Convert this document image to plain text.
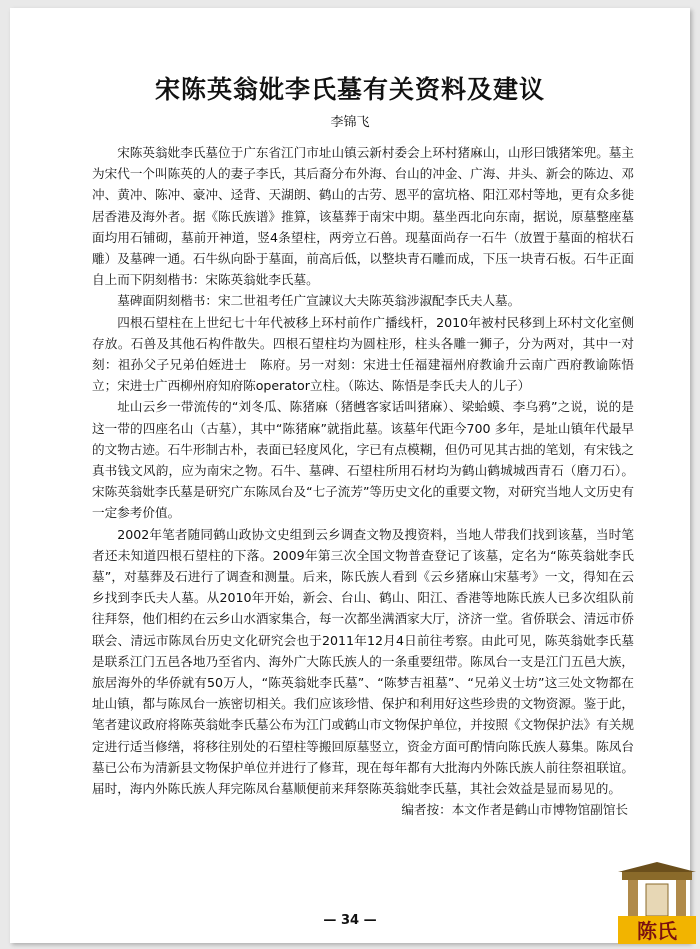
宋陈英翁妣李氏墓有关资料及建议
李锦飞

宋陈英翁妣李氏墓位于广东省江门市址山镇云新村委会上环村猪麻山，山形曰饿猪笨兜。墓主为宋代一个叫陈英的人的妻子李氏，其后裔分布外海、台山的冲金、广海、井头、新会的陈边、邓冲、黄冲、陈冲、豪冲、迳背、天湖朗、鹤山的古劳、恩平的富坑格、阳江邓村等地，更有众多徙居香港及海外者。据《陈氏族谱》推算，该墓葬于南宋中期。墓坐西北向东南，据说，原墓整座墓面均用石铺砌，墓前开神道，竖4条望柱，两旁立石兽。现墓面尚存一石牛（放置于墓面的棺状石雕）及墓碑一通。石牛纵向卧于墓面，前高后低，以整块青石雕而成，下压一块青石板。石牛正面自上而下阴刻楷书：宋陈英翁妣李氏墓。

墓碑面阴刻楷书：宋二世祖考任广宣諌议大夫陈英翁涉淑配李氏夫人墓。

四根石望柱在上世纪七十年代被移上环村前作广播线杆，2010年被村民移到上环村文化室侧存放。石兽及其他石构件散失。四根石望柱均为圆柱形，柱头各雕一狮子，分为两对，其中一对刻：祖孙父子兄弟伯姪进士　陈府。另一对刻：宋进士任福建福州府教谕升云南广西府教谕陈悟立；宋进士广西柳州府知府陈operator立柱。（陈达、陈悟是李氏夫人的儿子）

址山云乡一带流传的“刘冬瓜、陈猪麻（猪乸客家话叫猪麻）、梁蛤蟆、李乌鸦”之说，说的是这一带的四座名山（古墓），其中“陈猪麻”就指此墓。该墓年代距今700 多年，是址山镇年代最早的文物古迹。石牛形制古朴，表面已轻度风化，字已有点模糊，但仍可见其古拙的笔划，有宋钱之真书钱文风韵，应为南宋之物。石牛、墓碑、石望柱所用石材均为鹤山鹤城城西青石（磨刀石）。宋陈英翁妣李氏墓是研究广东陈凤台及“七子流芳”等历史文化的重要文物，对研究当地人文历史有一定参考价值。

2002年笔者随同鹤山政协文史组到云乡调查文物及搜资料，当地人带我们找到该墓，当时笔者还未知道四根石望柱的下落。2009年第三次全国文物普查登记了该墓，定名为“陈英翁妣李氏墓”，对墓葬及石进行了调查和测量。后来，陈氏族人看到《云乡猪麻山宋墓考》一文，得知在云乡找到李氏夫人墓。从2010年开始，新会、台山、鹤山、阳江、香港等地陈氏族人已多次组队前往拜祭，他们相约在云乡山水酒家集合，每一次都坐满酒家大厅，济济一堂。省侨联会、清远市侨联会、清远市陈凤台历史文化研究会也于2011年12月4日前往考察。由此可见，陈英翁妣李氏墓是联系江门五邑各地乃至省内、海外广大陈氏族人的一条重要纽带。陈凤台一支是江门五邑大族，旅居海外的华侨就有50万人，“陈英翁妣李氏墓”、“陈梦吉祖墓”、“兄弟义士坊”这三处文物都在址山镇，都与陈凤台一族密切相关。我们应该珍惜、保护和利用好这些珍贵的文物资源。鉴于此，笔者建议政府将陈英翁妣李氏墓公布为江门或鹤山市文物保护单位，并按照《文物保护法》有关规定进行适当修缮，将移往别处的石望柱等搬回原墓竖立，资金方面可酌情向陈氏族人募集。陈凤台墓已公布为清新县文物保护单位并进行了修茸，现在每年都有大批海内外陈氏族人前往祭祖联谊。届时，海内外陈氏族人拜完陈凤台墓顺便前来拜祭陈英翁妣李氏墓，其社会效益是显而易见的。

编者按：本文作者是鹤山市博物馆副馆长

— 34 —	陈氏
